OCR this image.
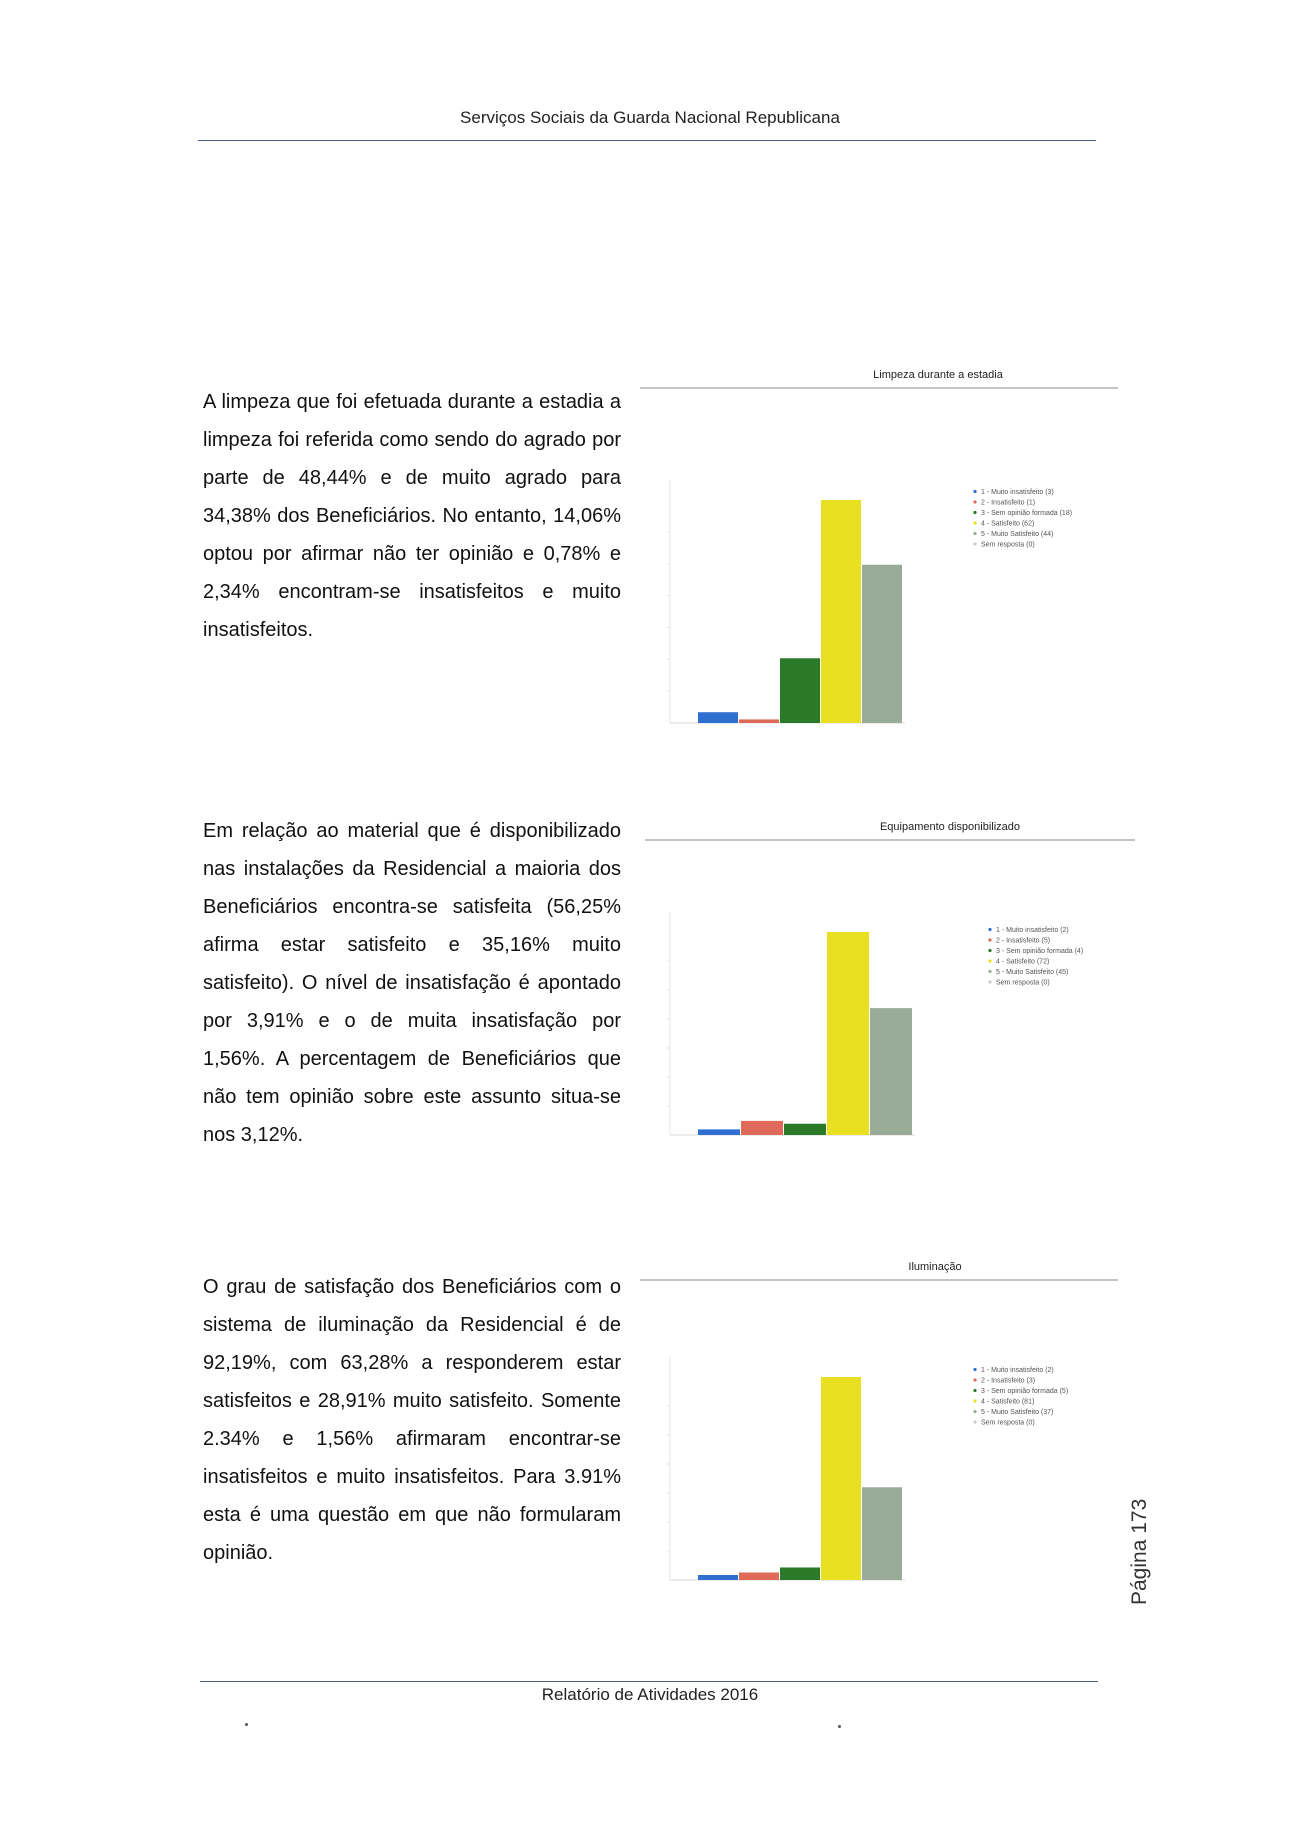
Serviços Sociais da Guarda Nacional Republicana
A limpeza que foi efetuada durante a estadia a limpeza foi referida como sendo do agrado por parte de 48,44% e de muito agrado para 34,38% dos Beneficiários. No entanto, 14,06% optou por afirmar não ter opinião e 0,78% e 2,34% encontram-se insatisfeitos e muito insatisfeitos.
Em relação ao material que é disponibilizado nas instalações da Residencial a maioria dos Beneficiários encontra-se satisfeita (56,25% afirma estar satisfeito e 35,16% muito satisfeito). O nível de insatisfação é apontado por 3,91% e o de muita insatisfação por 1,56%. A percentagem de Beneficiários que não tem opinião sobre este assunto situa-se nos 3,12%.
O grau de satisfação dos Beneficiários com o sistema de iluminação da Residencial é de 92,19%, com 63,28% a responderem estar satisfeitos e 28,91% muito satisfeito. Somente 2.34% e 1,56% afirmaram encontrar-se insatisfeitos e muito insatisfeitos. Para 3.91% esta é uma questão em que não formularam opinião.
Limpeza durante a estadia
1 - Muito insatisfeito (3)
2 - Insatisfeito (1)
3 - Sem opinião formada (18)
4 - Satisfeito (62)
5 - Muito Satisfeito (44)
Sem resposta (0)
Equipamento disponibilizado
1 - Muito insatisfeito (2)
2 - Insatisfeito (5)
3 - Sem opinião formada (4)
4 - Satisfeito (72)
5 - Muito Satisfeito (45)
Sem resposta (0)
Iluminação
1 - Muito insatisfeito (2)
2 - Insatisfeito (3)
3 - Sem opinião formada (5)
4 - Satisfeito (81)
5 - Muito Satisfeito (37)
Sem resposta (0)
Página 173
Relatório de Atividades 2016
